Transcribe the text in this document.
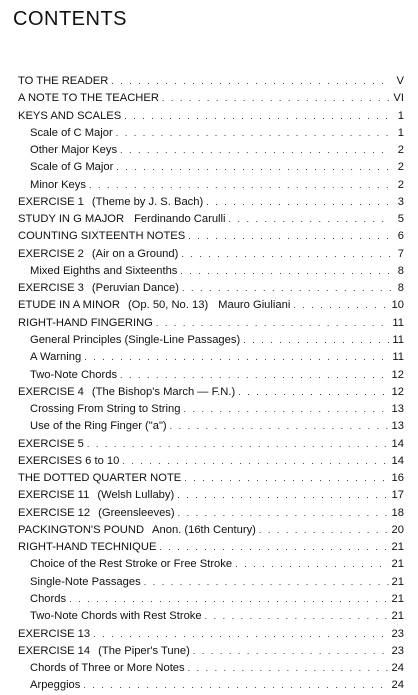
CONTENTS
TO THE READER . . .	V
A NOTE TO THE TEACHER . . .	VI
KEYS AND SCALES . . .	1
Scale of C Major . . .	1
Other Major Keys . . .	2
Scale of G Major . . .	2
Minor Keys . . .	2
EXERCISE 1 (Theme by J. S. Bach) . . .	3
STUDY IN G MAJOR Ferdinando Carulli . . .	5
COUNTING SIXTEENTH NOTES . . .	6
EXERCISE 2 (Air on a Ground) . . .	7
Mixed Eighths and Sixteenths . . .	8
EXERCISE 3 (Peruvian Dance) . . .	8
ETUDE IN A MINOR (Op. 50, No. 13) Mauro Giuliani . . .	10
RIGHT-HAND FINGERING . . .	11
General Principles (Single-Line Passages) . . .	11
A Warning . . .	11
Two-Note Chords . . .	12
EXERCISE 4 (The Bishop's March — F.N.) . . .	12
Crossing From String to String . . .	13
Use of the Ring Finger ("a") . . .	13
EXERCISE 5 . . .	14
EXERCISES 6 to 10 . . .	14
THE DOTTED QUARTER NOTE . . .	16
EXERCISE 11 (Welsh Lullaby) . . .	17
EXERCISE 12 (Greensleeves) . . .	18
PACKINGTON'S POUND Anon. (16th Century) . . .	20
RIGHT-HAND TECHNIQUE . . .	21
Choice of the Rest Stroke or Free Stroke . . .	21
Single-Note Passages . . .	21
Chords . . .	21
Two-Note Chords with Rest Stroke . . .	21
EXERCISE 13 . . .	23
EXERCISE 14 (The Piper's Tune) . . .	23
Chords of Three or More Notes . . .	24
Arpeggios . . .	24
